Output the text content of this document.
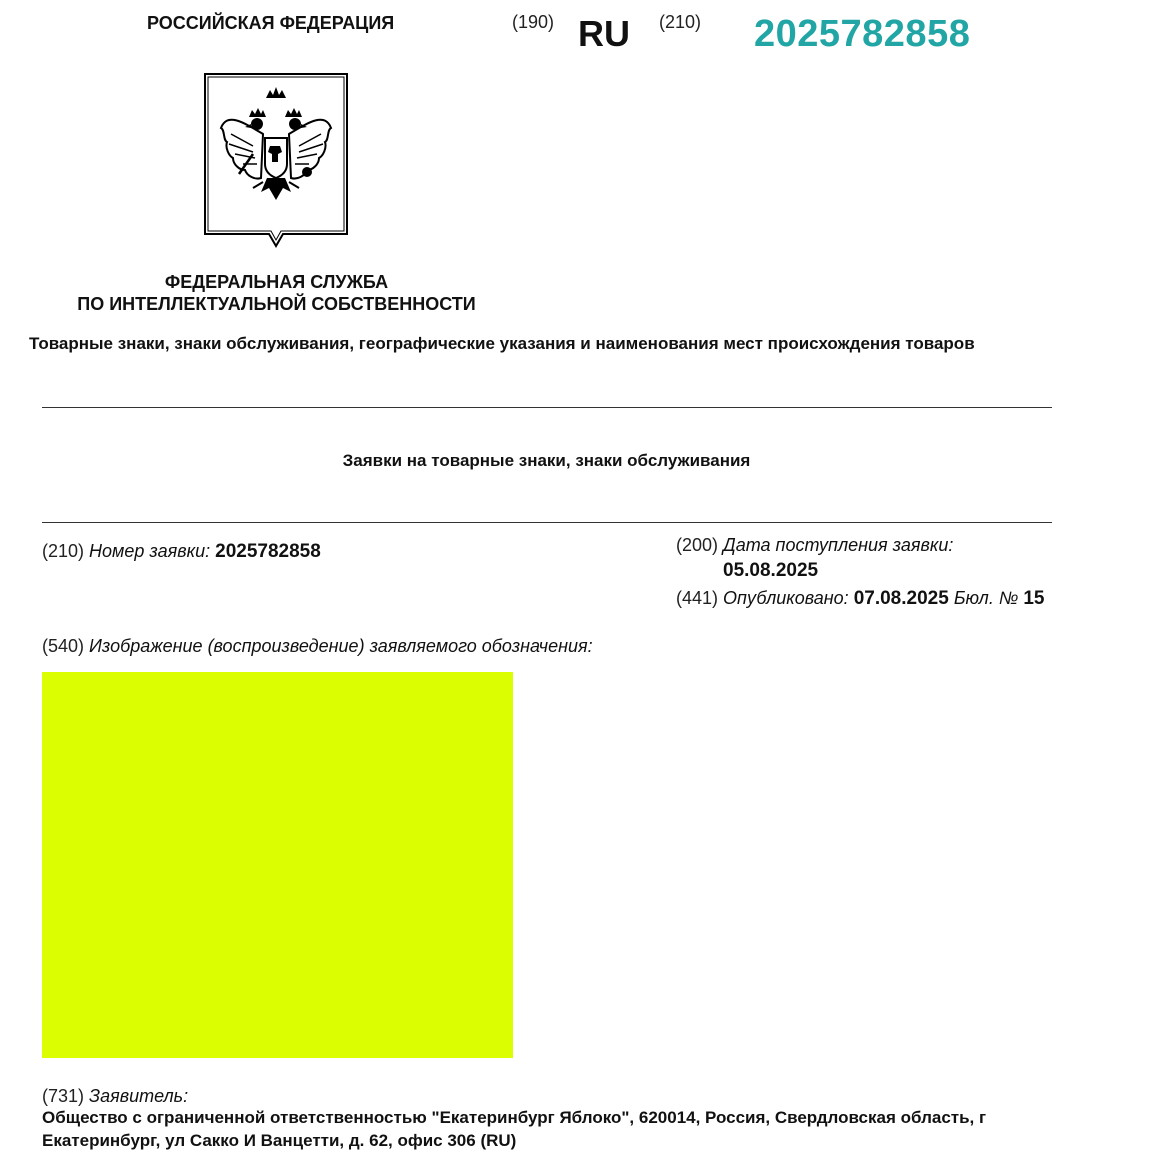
РОССИЙСКАЯ ФЕДЕРАЦИЯ	(190) RU (210) 2025782858
ФЕДЕРАЛЬНАЯ СЛУЖБА
ПО ИНТЕЛЛЕКТУАЛЬНОЙ СОБСТВЕННОСТИ
Товарные знаки, знаки обслуживания, географические указания и наименования мест происхождения товаров
Заявки на товарные знаки, знаки обслуживания
(210) Номер заявки: 2025782858	(200) Дата поступления заявки:
05.08.2025
(441) Опубликовано: 07.08.2025 Бюл. № 15
(540) Изображение (воспроизведение) заявляемого обозначения:
(731) Заявитель:
Общество с ограниченной ответственностью "Екатеринбург Яблоко", 620014, Россия, Свердловская область, г
Екатеринбург, ул Сакко И Ванцетти, д. 62, офис 306 (RU)
